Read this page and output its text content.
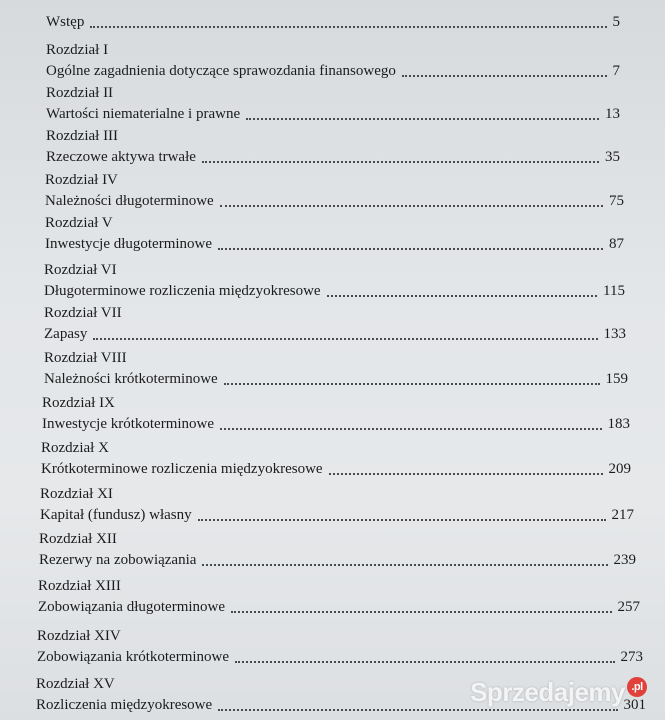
Wstęp	5
Rozdział I
Ogólne zagadnienia dotyczące sprawozdania finansowego	7
Rozdział II
Wartości niematerialne i prawne	13
Rozdział III
Rzeczowe aktywa trwałe	35
Rozdział IV
Należności długoterminowe	75
Rozdział V
Inwestycje długoterminowe	87
Rozdział VI
Długoterminowe rozliczenia międzyokresowe	115
Rozdział VII
Zapasy	133
Rozdział VIII
Należności krótkoterminowe	159
Rozdział IX
Inwestycje krótkoterminowe	183
Rozdział X
Krótkoterminowe rozliczenia międzyokresowe	209
Rozdział XI
Kapitał (fundusz) własny	217
Rozdział XII
Rezerwy na zobowiązania	239
Rozdział XIII
Zobowiązania długoterminowe	257
Rozdział XIV
Zobowiązania krótkoterminowe	273
Rozdział XV
Rozliczenia międzyokresowe	301
Sprzedajemy .pl
